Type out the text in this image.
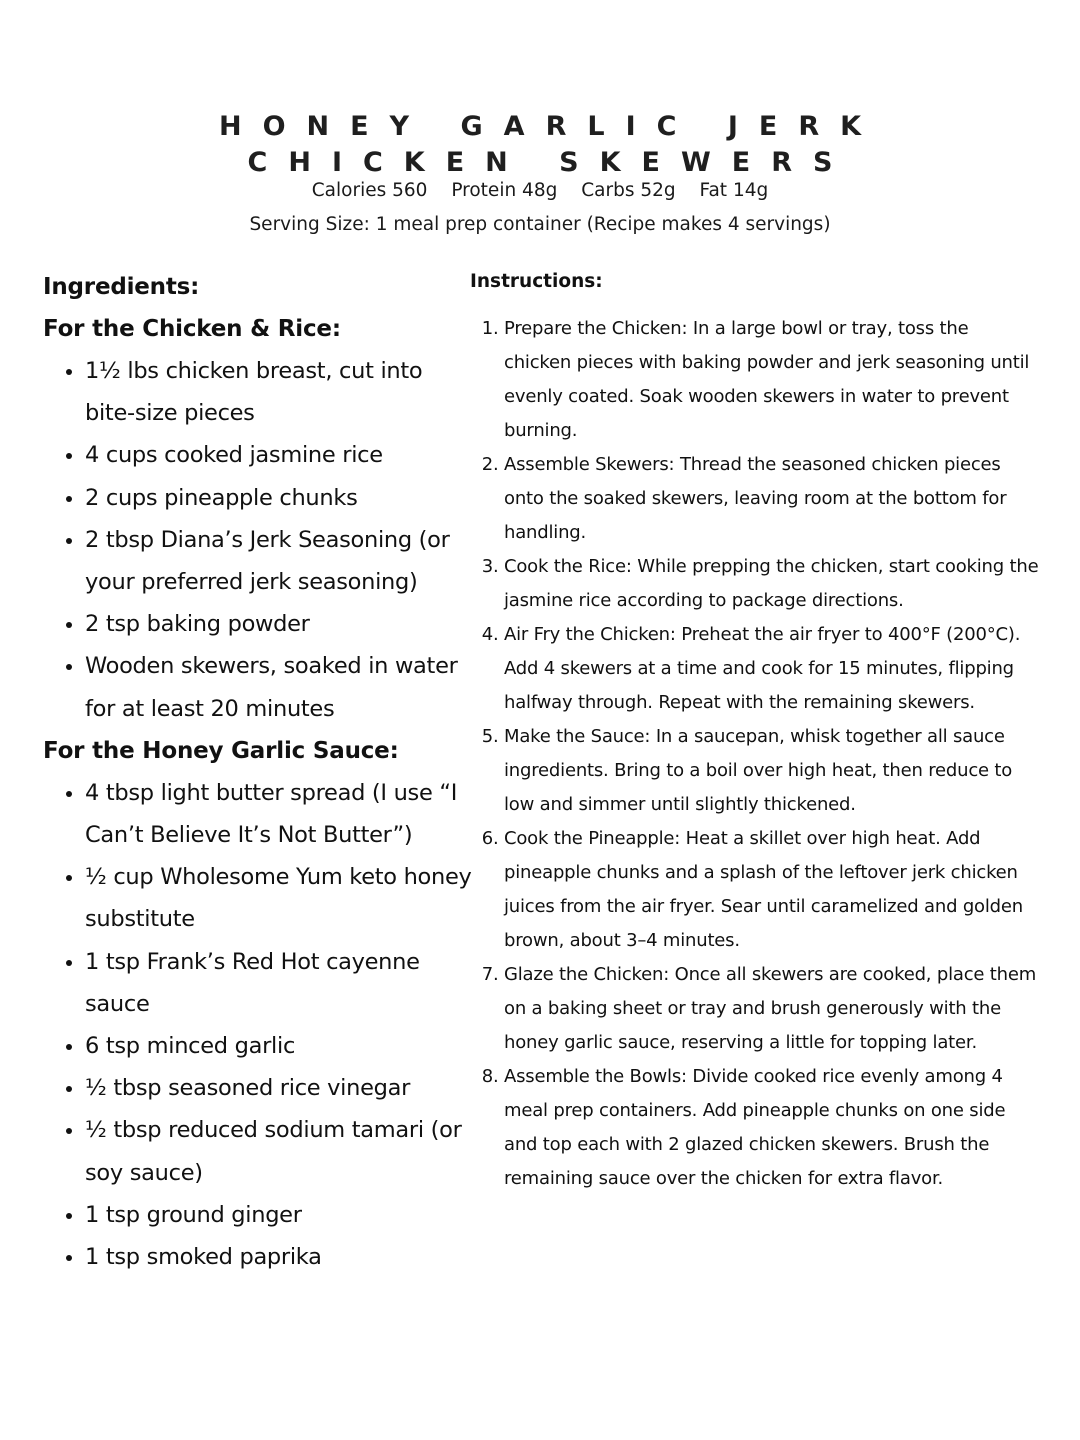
HONEY GARLIC JERK
CHICKEN SKEWERS
Calories 560 Protein 48g Carbs 52g Fat 14g
Serving Size: 1 meal prep container (Recipe makes 4 servings)

Ingredients:

For the Chicken & Rice:

• 1½ lbs chicken breast, cut into bite-size pieces
• 4 cups cooked jasmine rice
• 2 cups pineapple chunks
• 2 tbsp Diana’s Jerk Seasoning (or your preferred jerk seasoning)
• 2 tsp baking powder
• Wooden skewers, soaked in water for at least 20 minutes

For the Honey Garlic Sauce:

• 4 tbsp light butter spread (I use “I Can’t Believe It’s Not Butter”)
• ½ cup Wholesome Yum keto honey substitute
• 1 tsp Frank’s Red Hot cayenne sauce
• 6 tsp minced garlic
• ½ tbsp seasoned rice vinegar
• ½ tbsp reduced sodium tamari (or soy sauce)
• 1 tsp ground ginger
• 1 tsp smoked paprika

Instructions:

1. Prepare the Chicken: In a large bowl or tray, toss the chicken pieces with baking powder and jerk seasoning until evenly coated. Soak wooden skewers in water to prevent burning.
2. Assemble Skewers: Thread the seasoned chicken pieces onto the soaked skewers, leaving room at the bottom for handling.
3. Cook the Rice: While prepping the chicken, start cooking the jasmine rice according to package directions.
4. Air Fry the Chicken: Preheat the air fryer to 400°F (200°C). Add 4 skewers at a time and cook for 15 minutes, flipping halfway through. Repeat with the remaining skewers.
5. Make the Sauce: In a saucepan, whisk together all sauce ingredients. Bring to a boil over high heat, then reduce to low and simmer until slightly thickened.
6. Cook the Pineapple: Heat a skillet over high heat. Add pineapple chunks and a splash of the leftover jerk chicken juices from the air fryer. Sear until caramelized and golden brown, about 3–4 minutes.
7. Glaze the Chicken: Once all skewers are cooked, place them on a baking sheet or tray and brush generously with the honey garlic sauce, reserving a little for topping later.
8. Assemble the Bowls: Divide cooked rice evenly among 4 meal prep containers. Add pineapple chunks on one side and top each with 2 glazed chicken skewers. Brush the remaining sauce over the chicken for extra flavor.
